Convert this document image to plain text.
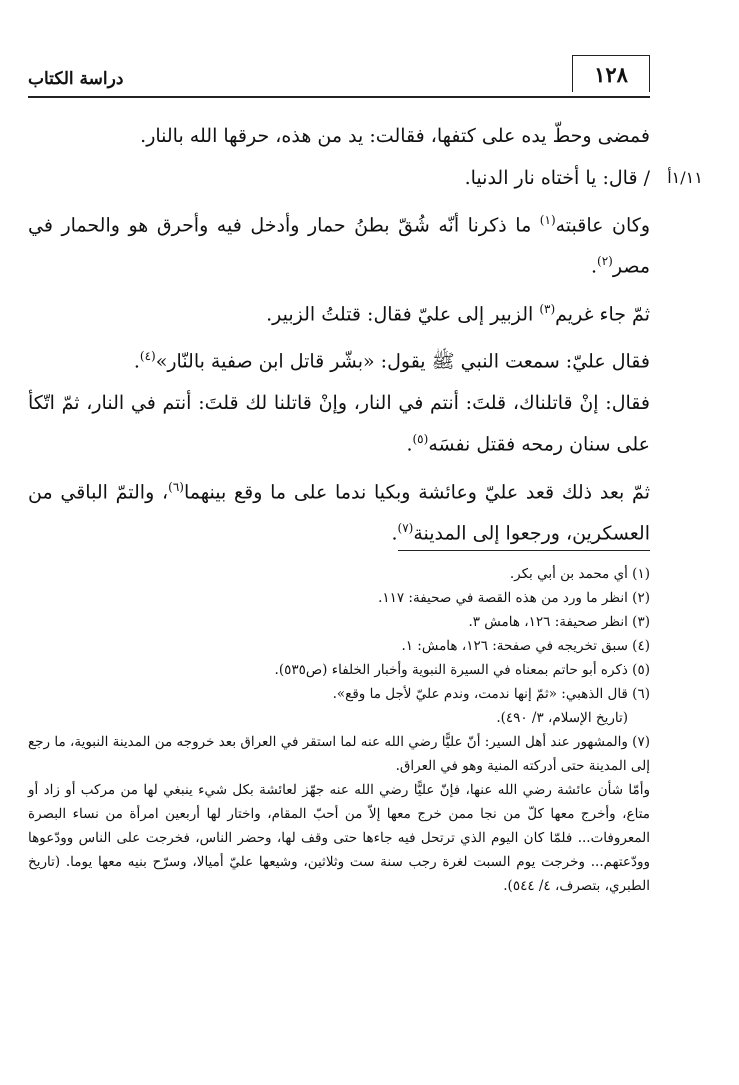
١٢٨
دراسة الكتاب
١/١١أ

فمضى وحطّ يده على كتفها، فقالت: يد من هذه، حرقها الله بالنار.

/ قال: يا أختاه نار الدنيا.

وكان عاقبته$^{(١)}$ ما ذكرنا أنّه شُقّ بطنُ حمار وأدخل فيه وأحرق هو والحمار في مصر$^{(٢)}$.

ثمّ جاء غريم$^{(٣)}$ الزبير إلى عليّ فقال: قتلتُ الزبير.

فقال عليّ: سمعت النبي ﷺ يقول: «بشّر قاتل ابن صفية بالنّار»$^{(٤)}$.

فقال: إنْ قاتلناك، قلتَ: أنتم في النار، وإنْ قاتلنا لك قلتَ: أنتم في النار، ثمّ اتّكأ على سنان رمحه فقتل نفسَه$^{(٥)}$.

ثمّ بعد ذلك قعد عليّ وعائشة وبكيا ندما على ما وقع بينهما$^{(٦)}$، والتمّ الباقي من العسكرين، ورجعوا إلى المدينة$^{(٧)}$.

(١) أي محمد بن أبي بكر.

(٢) انظر ما ورد من هذه القصة في صحيفة: ١١٧.

(٣) انظر صحيفة: ١٢٦، هامش ٣.

(٤) سبق تخريجه في صفحة: ١٢٦، هامش: ١.

(٥) ذكره أبو حاتم بمعناه في السيرة النبوية وأخبار الخلفاء (ص٥٣٥).

(٦) قال الذهبي: «ثمّ إنها ندمت، وندم عليّ لأجل ما وقع».

(تاريخ الإسلام، ٣/ ٤٩٠).

(٧) والمشهور عند أهل السير: أنّ عليًّا رضي الله عنه لما استقر في العراق بعد خروجه من المدينة النبوية، ما رجع إلى المدينة حتى أدركته المنية وهو في العراق.

وأمّا شأن عائشة رضي الله عنها، فإنّ عليًّا رضي الله عنه جهّز لعائشة بكل شيء ينبغي لها من مركب أو زاد أو متاع، وأخرج معها كلّ من نجا ممن خرج معها إلاّ من أحبّ المقام، واختار لها أربعين امرأة من نساء البصرة المعروفات... فلمّا كان اليوم الذي ترتحل فيه جاءها حتى وقف لها، وحضر الناس، فخرجت على الناس وودّعوها وودّعتهم... وخرجت يوم السبت لغرة رجب سنة ست وثلاثين، وشيعها عليّ أميالا، وسرّح بنيه معها يوما. (تاريخ الطبري، بتصرف، ٤/ ٥٤٤).
